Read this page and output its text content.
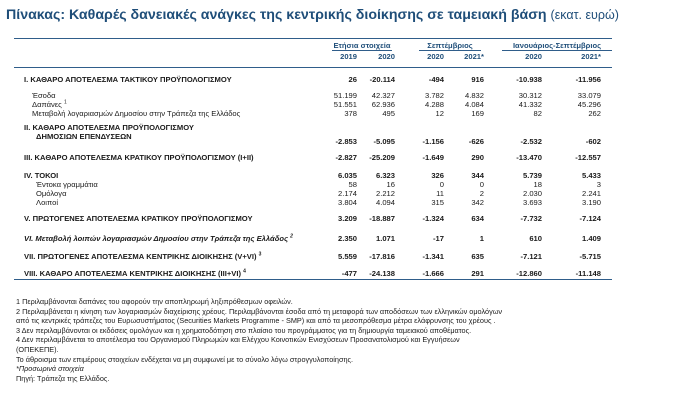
Πίνακας: Καθαρές δανειακές ανάγκες της κεντρικής διοίκησης σε ταμειακή βάση (εκατ. ευρώ)
Ετήσια στοιχεία	Σεπτέμβριος	Ιανουάριος-Σεπτέμβριος
2019	2020	2020	2021*	2020	2021*
I. ΚΑΘΑΡΟ ΑΠΟΤΕΛΕΣΜΑ ΤΑΚΤΙΚΟΥ ΠΡΟΫΠΟΛΟΓΙΣΜΟΥ	26	-20.114	-494	916	-10.938	-11.956
Έσοδα	51.199	42.327	3.782	4.832	30.312	33.079
Δαπάνες $^1$	51.551	62.936	4.288	4.084	41.332	45.296
Μεταβολή λογαριασμών Δημοσίου στην Τράπεζα της Ελλάδος	378	495	12	169	82	262
II. ΚΑΘΑΡΟ ΑΠΟΤΕΛΕΣΜΑ ΠΡΟΫΠΟΛΟΓΙΣΜΟΥ
ΔΗΜΟΣΙΩΝ ΕΠΕΝΔΥΣΕΩΝ
-2.853	-5.095	-1.156	-626	-2.532	-602
III. ΚΑΘΑΡΟ ΑΠΟΤΕΛΕΣΜΑ ΚΡΑΤΙΚΟΥ ΠΡΟΫΠΟΛΟΓΙΣΜΟΥ (I+II)	-2.827	-25.209	-1.649	290	-13.470	-12.557
IV. ΤΟΚΟΙ	6.035	6.323	326	344	5.739	5.433
Έντοκα γραμμάτια	58	16	0	0	18	3
Ομόλογα	2.174	2.212	11	2	2.030	2.241
Λοιποί	3.804	4.094	315	342	3.693	3.190
V. ΠΡΩΤΟΓΕΝΕΣ ΑΠΟΤΕΛΕΣΜΑ ΚΡΑΤΙΚΟΥ ΠΡΟΫΠΟΛΟΓΙΣΜΟΥ	3.209	-18.887	-1.324	634	-7.732	-7.124
VI. Μεταβολή λοιπών λογαριασμών Δημοσίου στην Τράπεζα της Ελλάδος $^2$	2.350	1.071	-17	1	610	1.409
VII. ΠΡΩΤΟΓΕΝΕΣ ΑΠΟΤΕΛΕΣΜΑ ΚΕΝΤΡΙΚΗΣ ΔΙΟΙΚΗΣΗΣ (V+VI) $^3$	5.559	-17.816	-1.341	635	-7.121	-5.715
VIII. ΚΑΘΑΡΟ ΑΠΟΤΕΛΕΣΜΑ ΚΕΝΤΡΙΚΗΣ ΔΙΟΙΚΗΣΗΣ (III+VI) $^4$	-477	-24.138	-1.666	291	-12.860	-11.148
1 Περιλαμβάνονται δαπάνες του αφορούν την αποπληρωμή ληξιπρόθεσμων οφειλών.
2 Περιλαμβάνεται η κίνηση των λογαριασμών διαχείρισης χρέους. Περιλαμβάνονται έσοδα από τη μεταφορά των αποδόσεων των ελληνικών ομολόγων
από τις κεντρικές τράπεζες του Ευρωσυστήματος (Securities Markets Programme - SMP) και από τα μεσοπρόθεσμα μέτρα ελάφρυνσης του χρέους .
3 Δεν περιλαμβάνονται οι εκδόσεις ομολόγων και η χρηματοδότηση στο πλαίσιο του προγράμματος για τη δημιουργία ταμειακού αποθέματος.
4 Δεν περιλαμβάνεται το αποτέλεσμα του Οργανισμού Πληρωμών και Ελέγχου Κοινοτικών Ενισχύσεων Προσανατολισμού και Εγγυήσεων
(ΟΠΕΚΕΠΕ).
Το άθροισμα των επιμέρους στοιχείων ενδέχεται να μη συμφωνεί με το σύνολο λόγω στρογγυλοποίησης.
*Προσωρινά στοιχεία
Πηγή: Τράπεζα της Ελλάδος.
